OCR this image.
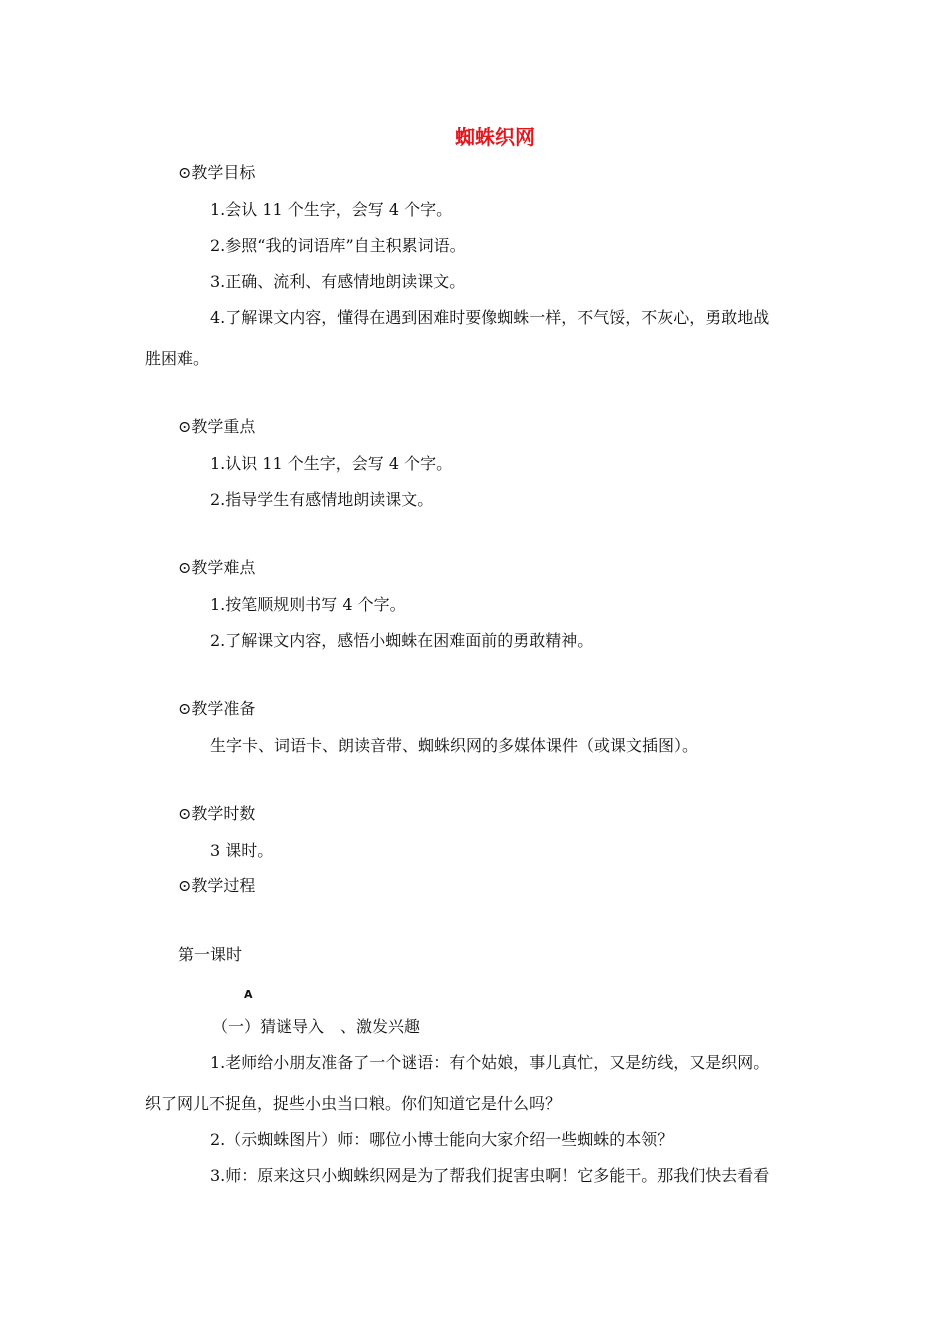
蜘蛛织网
⊙教学目标
1.会认 11 个生字，会写 4 个字。
2.参照“我的词语库”自主积累词语。
3.正确、流利、有感情地朗读课文。
4.了解课文内容，懂得在遇到困难时要像蜘蛛一样，不气馁，不灰心，勇敢地战
胜困难。
⊙教学重点
1.认识 11 个生字，会写 4 个字。
2.指导学生有感情地朗读课文。
⊙教学难点
1.按笔顺规则书写 4 个字。
2.了解课文内容，感悟小蜘蛛在困难面前的勇敢精神。
⊙教学准备
生字卡、词语卡、朗读音带、蜘蛛织网的多媒体课件（或课文插图）。
⊙教学时数
3 课时。
⊙教学过程
第一课时
A
（一）猜谜导入　、激发兴趣
1.老师给小朋友准备了一个谜语：有个姑娘，事儿真忙，又是纺线，又是织网。
织了网儿不捉鱼，捉些小虫当口粮。你们知道它是什么吗？
2.（示蜘蛛图片）师：哪位小博士能向大家介绍一些蜘蛛的本领？
3.师：原来这只小蜘蛛织网是为了帮我们捉害虫啊！它多能干。那我们快去看看
